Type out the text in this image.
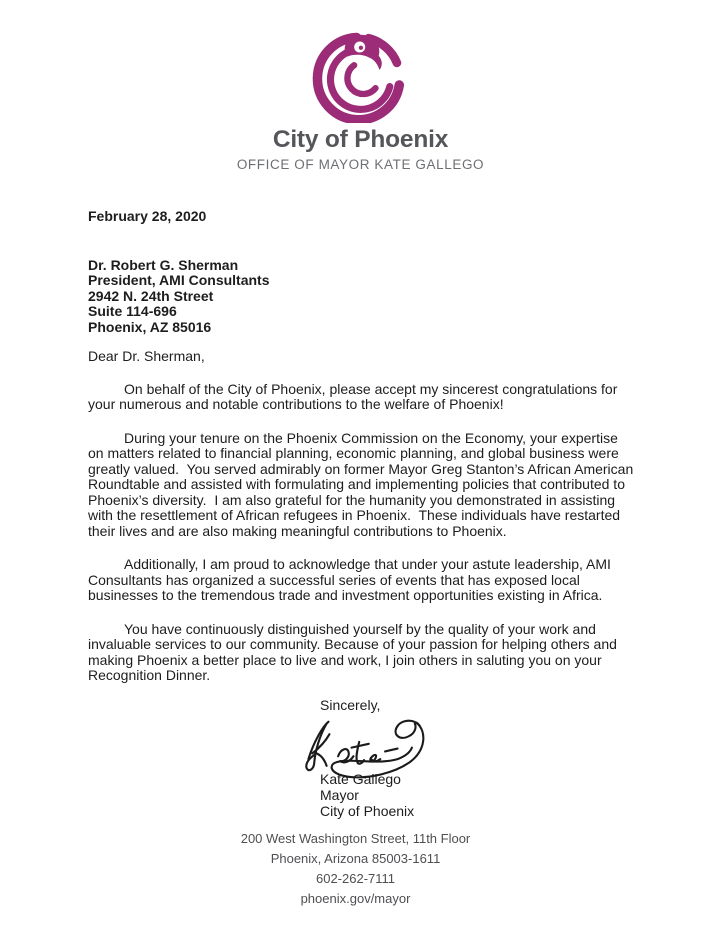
City of Phoenix
OFFICE OF MAYOR KATE GALLEGO
February 28, 2020
Dr. Robert G. Sherman
President, AMI Consultants
2942 N. 24th Street
Suite 114-696
Phoenix, AZ 85016
Dear Dr. Sherman,

On behalf of the City of Phoenix, please accept my sincerest congratulations for your numerous and notable contributions to the welfare of Phoenix!

During your tenure on the Phoenix Commission on the Economy, your expertise on matters related to financial planning, economic planning, and global business were greatly valued.  You served admirably on former Mayor Greg Stanton’s African American Roundtable and assisted with formulating and implementing policies that contributed to Phoenix’s diversity.  I am also grateful for the humanity you demonstrated in assisting with the resettlement of African refugees in Phoenix.  These individuals have restarted their lives and are also making meaningful contributions to Phoenix.

Additionally, I am proud to acknowledge that under your astute leadership, AMI Consultants has organized a successful series of events that has exposed local businesses to the tremendous trade and investment opportunities existing in Africa.

You have continuously distinguished yourself by the quality of your work and invaluable services to our community. Because of your passion for helping others and making Phoenix a better place to live and work, I join others in saluting you on your Recognition Dinner.

Sincerely,
Kate Gallego
Mayor
City of Phoenix
200 West Washington Street, 11th Floor
Phoenix, Arizona 85003-1611
602-262-7111
phoenix.gov/mayor
